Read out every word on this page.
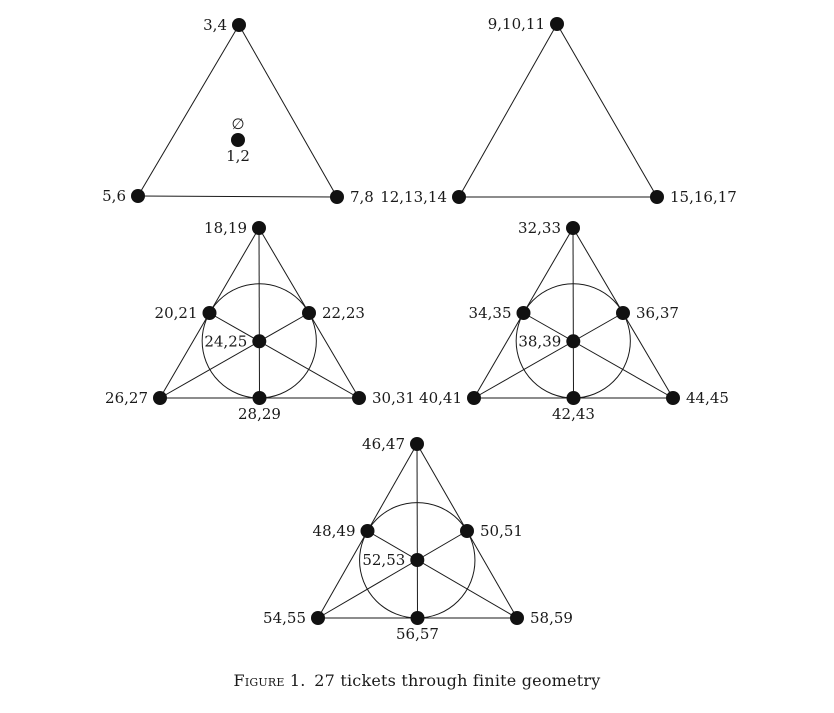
3,4
5,6	7,8
1,2
∅
9,10,11
12,13,14	15,16,17
18,19
20,21	22,23
24,25
26,27
28,29
30,31
32,33
34,35	36,37
38,39
40,41
42,43
44,45
46,47
48,49	50,51
52,53
54,55
56,57
58,59
Figure 1. 27 tickets through finite geometry
